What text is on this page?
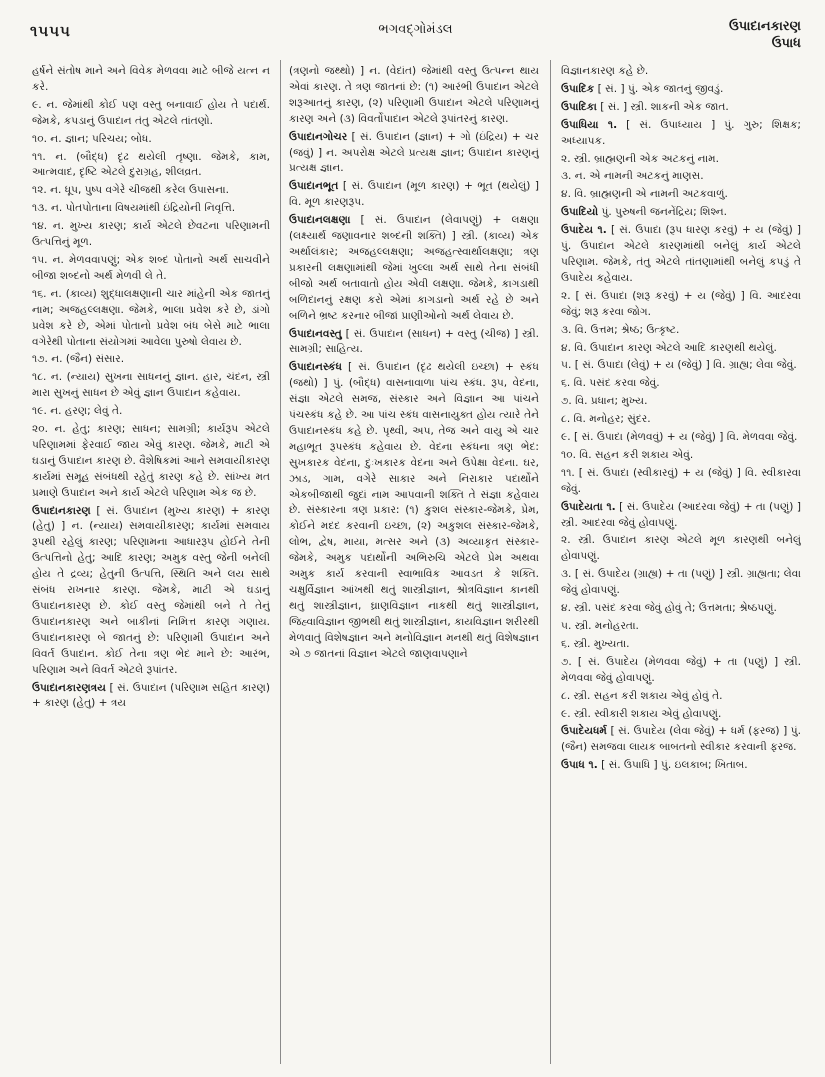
૧૫૫૫	ભગવદ્ગોમંડલ	ઉપાદાનકારણ
ઉપાધ

હર્ષને સંતોષ માને અને વિવેક મેળવવા માટે બીજે યત્ન ન કરે.

૯. ન. જેમાંથી કોઈ પણ વસ્તુ બનાવાઈ હોય તે પદાર્થ. જેમકે, કપડાનું ઉપાદાન તંતુ એટલે તાંતણો.

૧૦. ન. જ્ઞાન; પરિચય; બોધ.

૧૧. ન. (બૌદ્ધ) દૃઢ થયેલી તૃષ્ણા. જેમકે, કામ, આત્મવાદ, દૃષ્ટિ એટલે દુરાગ્રહ, શીલવ્રત.

૧૨. ન. ધૂપ, પુષ્પ વગેરે ચીજથી કરેલ ઉપાસના.

૧૩. ન. પોતપોતાના વિષયમાંથી ઇંદ્રિયોની નિવૃત્તિ.

૧૪. ન. મુખ્ય કારણ; કાર્ય એટલે છેવટના પરિણામની ઉત્પત્તિનું મૂળ.

૧૫. ન. મેળવવાપણું; એક શબ્દ પોતાનો અર્થ સાચવીને બીજા શબ્દનો અર્થ મેળવી લે તે.

૧૬. ન. (કાવ્ય) શુદ્ધાલક્ષણાની ચાર માંહેની એક જાતનું નામ; અજહલ્લક્ષણા. જેમકે, ભાલા પ્રવેશ કરે છે, ડાંગો પ્રવેશ કરે છે, એમાં પોતાનો પ્રવેશ બંધ બેસે માટે ભાલા વગેરેથી પોતાના સંયોગમાં આવેલા પુરુષો લેવાય છે.

૧૭. ન. (જૈન) સંસાર.

૧૮. ન. (ન્યાય) સુખના સાધનનું જ્ઞાન. હાર, ચંદન, સ્ત્રી મારા સુખનું સાધન છે એવું જ્ઞાન ઉપાદાન કહેવાય.

૧૯. ન. હરણ; લેવું તે.

૨૦. ન. હેતુ; કારણ; સાધન; સામગ્રી; કાર્યરૂપ એટલે પરિણામમાં ફેરવાઈ જાય એવું કારણ. જેમકે, માટી એ ઘડાનું ઉપાદાન કારણ છે. વૈશેષિકમાં આને સમવાયીકારણ કાર્યમાં સમૂહ સંબંધથી રહેતું કારણ કહે છે. સાંખ્ય મત પ્રમાણે ઉપાદાન અને કાર્ય એટલે પરિણામ એક જ છે.

ઉપાદાનકારણ [ સં. ઉપાદાન (મુખ્ય કારણ) + કારણ (હેતુ) ] ન. (ન્યાય) સમવાયીકારણ; કાર્યમાં સમવાય રૂપથી રહેલું કારણ; પરિણામના આધારરૂપ હોઈને તેની ઉત્પત્તિનો હેતુ; આદિ કારણ; અમુક વસ્તુ જેની બનેલી હોય તે દ્રવ્ય; હેતુની ઉત્પત્તિ, સ્થિતિ અને લય સાથે સંબંધ રાખનાર કારણ. જેમકે, માટી એ ઘડાનું ઉપાદાનકારણ છે. કોઈ વસ્તુ જેમાંથી બને તે તેનું ઉપાદાનકારણ અને બાકીનાં નિમિત્ત કારણ ગણાય. ઉપાદાનકારણ બે જાતનું છે: પરિણામી ઉપાદાન અને વિવર્ત ઉપાદાન. કોઈ તેના ત્રણ ભેદ માને છે: આરંભ, પરિણામ અને વિવર્ત એટલે રૂપાંતર.

ઉપાદાનકારણત્રય [ સં. ઉપાદાન (પરિણામ સહિત કારણ) + કારણ (હેતુ) + ત્રય

(ત્રણનો જથ્થો) ] ન. (વેદાંત) જેમાંથી વસ્તુ ઉત્પન્ન થાય એવાં કારણ. તે ત્રણ જાતનાં છે: (૧) આરંભી ઉપાદાન એટલે શરૂઆતનું કારણ, (૨) પરિણામી ઉપાદાન એટલે પરિણામનું કારણ અને (૩) વિવર્તોપાદાન એટલે રૂપાંતરનું કારણ.

ઉપાદાનગોચર [ સં. ઉપાદાન (જ્ઞાન) + ગો (ઇંદ્રિય) + ચર (જવું) ] ન. અપરોક્ષ એટલે પ્રત્યક્ષ જ્ઞાન; ઉપાદાન કારણનું પ્રત્યક્ષ જ્ઞાન.

ઉપાદાનભૂત [ સં. ઉપાદાન (મૂળ કારણ) + ભૂત (થયેલું) ] વિ. મૂળ કારણરૂપ.

ઉપાદાનલક્ષણા [ સં. ઉપાદાન (લેવાપણું) + લક્ષણા (લક્ષ્યાર્થ જણાવનાર શબ્દની શક્તિ) ] સ્ત્રી. (કાવ્ય) એક અર્થાલંકાર; અજહલ્લક્ષણા; અજહત્સ્વાર્થાલક્ષણા; ત્રણ પ્રકારની લક્ષણામાંથી જેમાં ખુલ્લા અર્થ સાથે તેના સંબંધી બીજો અર્થ બતાવાતો હોય એવી લક્ષણા. જેમકે, કાગડાથી બળિદાનનું રક્ષણ કરો એમાં કાગડાનો અર્થ રહે છે અને બળિને ભ્રષ્ટ કરનાર બીજાં પ્રાણીઓનો અર્થ લેવાય છે.

ઉપાદાનવસ્તુ [ સં. ઉપાદાન (સાધન) + વસ્તુ (ચીજ) ] સ્ત્રી. સામગ્રી; સાહિત્ય.

ઉપાદાનસ્કંધ [ સં. ઉપાદાન (દૃઢ થયેલી ઇચ્છા) + સ્કંધ (જથો) ] પું. (બૌદ્ધ) વાસનાવાળા પાંચ સ્કંધ. રૂપ, વેદના, સંજ્ઞા એટલે સમજ, સંસ્કાર અને વિજ્ઞાન આ પાંચને પંચસ્કંધ કહે છે. આ પાંચ સ્કંધ વાસનાયુક્ત હોય ત્યારે તેને ઉપાદાનસ્કંધ કહે છે. પૃથ્વી, અપ, તેજ અને વાયુ એ ચાર મહાભૂત રૂપસ્કંધ કહેવાય છે. વેદના સ્કંધના ત્રણ ભેદ: સુખકારક વેદના, દુઃખકારક વેદના અને ઉપેક્ષા વેદના. ઘર, ઝાડ, ગામ, વગેરે સાકાર અને નિરાકાર પદાર્થોને એકબીજાથી જુદાં નામ આપવાની શક્તિ તે સંજ્ઞા કહેવાય છે. સંસ્કારના ત્રણ પ્રકાર: (૧) કુશલ સંસ્કાર-જેમકે, પ્રેમ, કોઈને મદદ કરવાની ઇચ્છા, (૨) અકુશલ સંસ્કાર-જેમકે, લોભ, દ્વેષ, માયા, મત્સર અને (૩) અવ્યાકૃત સંસ્કાર-જેમકે, અમુક પદાર્થોની અભિરુચિ એટલે પ્રેમ અથવા અમુક કાર્ય કરવાની સ્વાભાવિક આવડત કે શક્તિ. ચક્ષુર્વિજ્ઞાન આંખથી થતું શાસ્ત્રીજ્ઞાન, શ્રોત્રવિજ્ઞાન કાનથી થતું શાસ્ત્રીજ્ઞાન, ઘ્રાણવિજ્ઞાન નાકથી થતું શાસ્ત્રીજ્ઞાન, જિહ્વાવિજ્ઞાન જીભથી થતું શાસ્ત્રીજ્ઞાન, કાયવિજ્ઞાન શરીરથી મેળવાતું વિશેષજ્ઞાન અને મનોવિજ્ઞાન મનથી થતું વિશેષજ્ઞાન એ ૭ જાતનાં વિજ્ઞાન એટલે જાણવાપણાને

વિજ્ઞાનકારણ કહે છે.

ઉપાદિક [ સં. ] પું. એક જાતનું જીવડું.

ઉપાદિકા [ સં. ] સ્ત્રી. શાકની એક જાત.

ઉપાધિયા ૧. [ સં. ઉપાધ્યાય ] પું. ગુરુ; શિક્ષક; અધ્યાપક.

૨. સ્ત્રી. બ્રાહ્મણની એક અટકનું નામ.

૩. ન. એ નામની અટકનું માણસ.

૪. વિ. બ્રાહ્મણની એ નામની અટકવાળું.

ઉપાદિયો પું. પુરુષની જનનેંદ્રિય; શિશ્ન.

ઉપાદેય ૧. [ સં. ઉપાદા (રૂપ ધારણ કરવું) + ય (જેવું) ] પું. ઉપાદાન એટલે કારણમાંથી બનેલું કાર્ય એટલે પરિણામ. જેમકે, તંતુ એટલે તાંતણામાંથી બનેલું કપડું તે ઉપાદેય કહેવાય.

૨. [ સં. ઉપાદા (શરૂ કરવું) + ય (જેવું) ] વિ. આદરવા જેવું; શરૂ કરવા જોગ.

૩. વિ. ઉત્તમ; શ્રેષ્ઠ; ઉત્કૃષ્ટ.

૪. વિ. ઉપાદાન કારણ એટલે આદિ કારણથી થયેલું.

૫. [ સં. ઉપાદા (લેવું) + ય (જેવું) ] વિ. ગ્રાહ્ય; લેવા જેવું.

૬. વિ. પસંદ કરવા જેવું.

૭. વિ. પ્રધાન; મુખ્ય.

૮. વિ. મનોહર; સુંદર.

૯. [ સં. ઉપાદા (મેળવવું) + ય (જેવું) ] વિ. મેળવવા જેવું.

૧૦. વિ. સહન કરી શકાય એવું.

૧૧. [ સં. ઉપાદા (સ્વીકારવું) + ય (જેવું) ] વિ. સ્વીકારવા જેવું.

ઉપાદેયતા ૧. [ સં. ઉપાદેય (આદરવા જેવું) + તા (પણું) ] સ્ત્રી. આદરવા જેવું હોવાપણું.

૨. સ્ત્રી. ઉપાદાન કારણ એટલે મૂળ કારણથી બનેલું હોવાપણું.

૩. [ સં. ઉપાદેય (ગ્રાહ્ય) + તા (પણું) ] સ્ત્રી. ગ્રાહ્યતા; લેવા જેવું હોવાપણું.

૪. સ્ત્રી. પસંદ કરવા જેવું હોવું તે; ઉત્તમતા; શ્રેષ્ઠપણું.

૫. સ્ત્રી. મનોહરતા.

૬. સ્ત્રી. મુખ્યતા.

૭. [ સં. ઉપાદેય (મેળવવા જેવું) + તા (પણું) ] સ્ત્રી. મેળવવા જેવું હોવાપણું.

૮. સ્ત્રી. સહન કરી શકાય એવું હોવું તે.

૯. સ્ત્રી. સ્વીકારી શકાય એવું હોવાપણું.

ઉપાદેયધર્મ [ સં. ઉપાદેય (લેવા જેવું) + ધર્મ (ફરજ) ] પું. (જૈન) સમજવા લાયક બાબતનો સ્વીકાર કરવાની ફરજ.

ઉપાધ ૧. [ સં. ઉપાધિ ] પું. ઇલકાબ; ખિતાબ.
